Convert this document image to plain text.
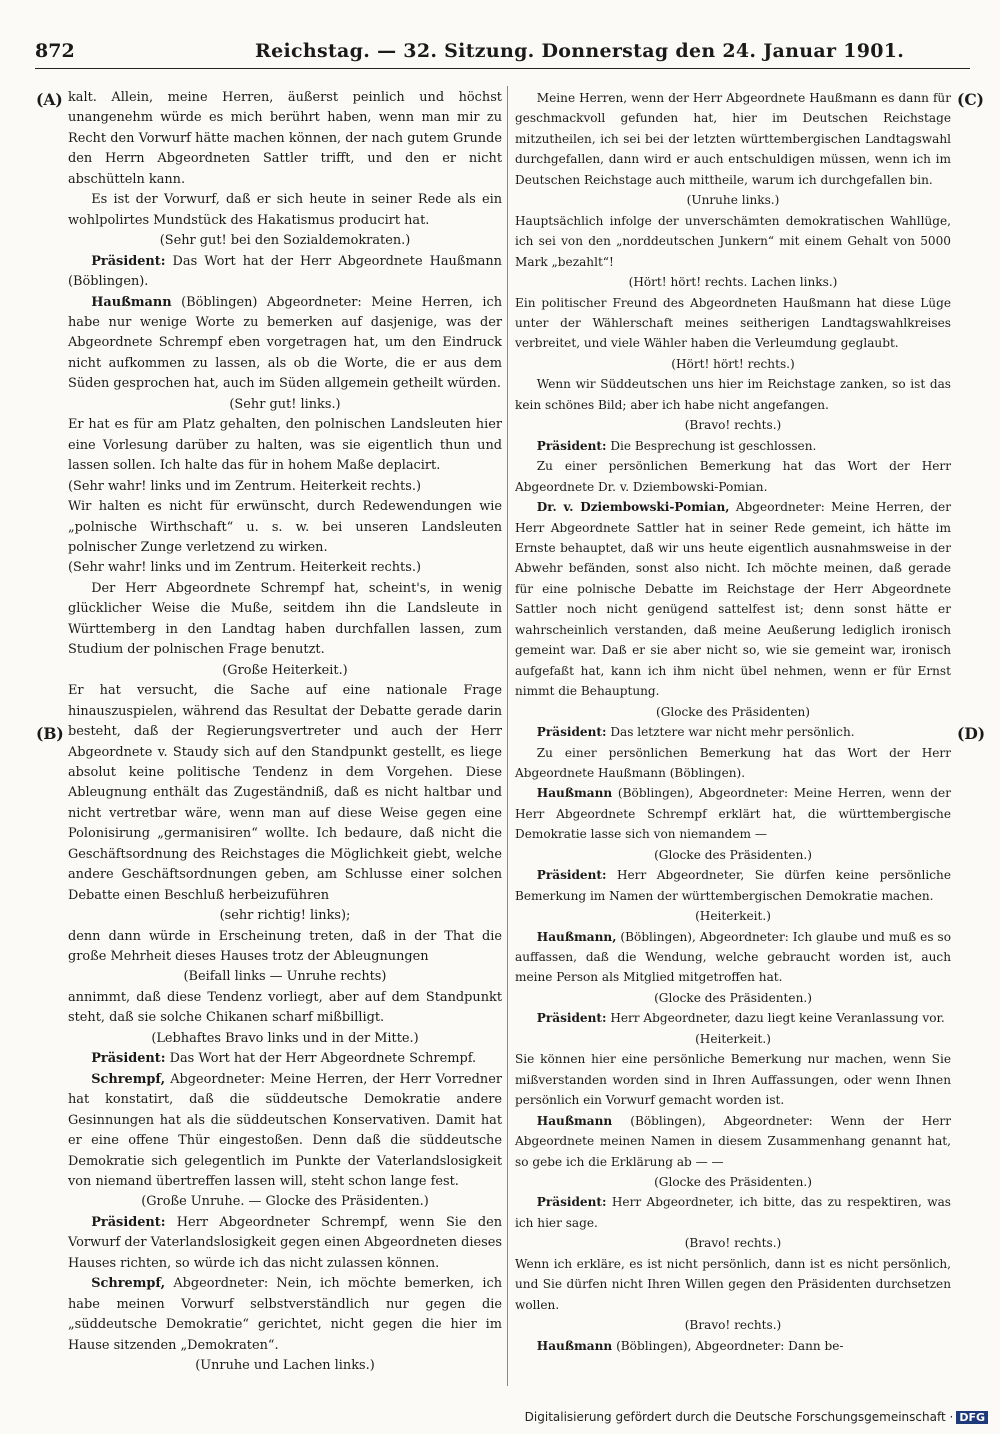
872	Reichstag. — 32. Sitzung. Donnerstag den 24. Januar 1901.
(A)
(B)
(C)
(D)

kalt. Allein, meine Herren, äußerst peinlich und höchst unangenehm würde es mich berührt haben, wenn man mir zu Recht den Vorwurf hätte machen können, der nach gutem Grunde den Herrn Abgeordneten Sattler trifft, und den er nicht abschütteln kann.

Es ist der Vorwurf, daß er sich heute in seiner Rede als ein wohlpolirtes Mundstück des Hakatismus producirt hat.

(Sehr gut! bei den Sozialdemokraten.)

Präsident: Das Wort hat der Herr Abgeordnete Haußmann (Böblingen).

Haußmann (Böblingen) Abgeordneter: Meine Herren, ich habe nur wenige Worte zu bemerken auf dasjenige, was der Abgeordnete Schrempf eben vorgetragen hat, um den Eindruck nicht aufkommen zu lassen, als ob die Worte, die er aus dem Süden gesprochen hat, auch im Süden allgemein getheilt würden.

(Sehr gut! links.)

Er hat es für am Platz gehalten, den polnischen Landsleuten hier eine Vorlesung darüber zu halten, was sie eigentlich thun und lassen sollen. Ich halte das für in hohem Maße deplacirt.

(Sehr wahr! links und im Zentrum. Heiterkeit rechts.)

Wir halten es nicht für erwünscht, durch Redewendungen wie „polnische Wirthschaft“ u. s. w. bei unseren Landsleuten polnischer Zunge verletzend zu wirken.

(Sehr wahr! links und im Zentrum. Heiterkeit rechts.)

Der Herr Abgeordnete Schrempf hat, scheint's, in wenig glücklicher Weise die Muße, seitdem ihn die Landsleute in Württemberg in den Landtag haben durchfallen lassen, zum Studium der polnischen Frage benutzt.

(Große Heiterkeit.)

Er hat versucht, die Sache auf eine nationale Frage hinauszuspielen, während das Resultat der Debatte gerade darin besteht, daß der Regierungsvertreter und auch der Herr Abgeordnete v. Staudy sich auf den Standpunkt gestellt, es liege absolut keine politische Tendenz in dem Vorgehen. Diese Ableugnung enthält das Zugeständniß, daß es nicht haltbar und nicht vertretbar wäre, wenn man auf diese Weise gegen eine Polonisirung „germanisiren“ wollte. Ich bedaure, daß nicht die Geschäftsordnung des Reichstages die Möglichkeit giebt, welche andere Geschäftsordnungen geben, am Schlusse einer solchen Debatte einen Beschluß herbeizuführen

(sehr richtig! links);

denn dann würde in Erscheinung treten, daß in der That die große Mehrheit dieses Hauses trotz der Ableugnungen

(Beifall links — Unruhe rechts)

annimmt, daß diese Tendenz vorliegt, aber auf dem Standpunkt steht, daß sie solche Chikanen scharf mißbilligt.

(Lebhaftes Bravo links und in der Mitte.)

Präsident: Das Wort hat der Herr Abgeordnete Schrempf.

Schrempf, Abgeordneter: Meine Herren, der Herr Vorredner hat konstatirt, daß die süddeutsche Demokratie andere Gesinnungen hat als die süddeutschen Konservativen. Damit hat er eine offene Thür eingestoßen. Denn daß die süddeutsche Demokratie sich gelegentlich im Punkte der Vaterlandslosigkeit von niemand übertreffen lassen will, steht schon lange fest.

(Große Unruhe. — Glocke des Präsidenten.)

Präsident: Herr Abgeordneter Schrempf, wenn Sie den Vorwurf der Vaterlandslosigkeit gegen einen Abgeordneten dieses Hauses richten, so würde ich das nicht zulassen können.

Schrempf, Abgeordneter: Nein, ich möchte bemerken, ich habe meinen Vorwurf selbstverständlich nur gegen die „süddeutsche Demokratie“ gerichtet, nicht gegen die hier im Hause sitzenden „Demokraten“.

(Unruhe und Lachen links.)

Meine Herren, wenn der Herr Abgeordnete Haußmann es dann für geschmackvoll gefunden hat, hier im Deutschen Reichstage mitzutheilen, ich sei bei der letzten württembergischen Landtagswahl durchgefallen, dann wird er auch entschuldigen müssen, wenn ich im Deutschen Reichstage auch mittheile, warum ich durchgefallen bin.

(Unruhe links.)

Hauptsächlich infolge der unverschämten demokratischen Wahllüge, ich sei von den „norddeutschen Junkern“ mit einem Gehalt von 5000 Mark „bezahlt“!

(Hört! hört! rechts. Lachen links.)

Ein politischer Freund des Abgeordneten Haußmann hat diese Lüge unter der Wählerschaft meines seitherigen Landtagswahlkreises verbreitet, und viele Wähler haben die Verleumdung geglaubt.

(Hört! hört! rechts.)

Wenn wir Süddeutschen uns hier im Reichstage zanken, so ist das kein schönes Bild; aber ich habe nicht angefangen.

(Bravo! rechts.)

Präsident: Die Besprechung ist geschlossen.

Zu einer persönlichen Bemerkung hat das Wort der Herr Abgeordnete Dr. v. Dziembowski-Pomian.

Dr. v. Dziembowski-Pomian, Abgeordneter: Meine Herren, der Herr Abgeordnete Sattler hat in seiner Rede gemeint, ich hätte im Ernste behauptet, daß wir uns heute eigentlich ausnahmsweise in der Abwehr befänden, sonst also nicht. Ich möchte meinen, daß gerade für eine polnische Debatte im Reichstage der Herr Abgeordnete Sattler noch nicht genügend sattelfest ist; denn sonst hätte er wahrscheinlich verstanden, daß meine Aeußerung lediglich ironisch gemeint war. Daß er sie aber nicht so, wie sie gemeint war, ironisch aufgefaßt hat, kann ich ihm nicht übel nehmen, wenn er für Ernst nimmt die Behauptung.

(Glocke des Präsidenten)

Präsident: Das letztere war nicht mehr persönlich.

Zu einer persönlichen Bemerkung hat das Wort der Herr Abgeordnete Haußmann (Böblingen).

Haußmann (Böblingen), Abgeordneter: Meine Herren, wenn der Herr Abgeordnete Schrempf erklärt hat, die württembergische Demokratie lasse sich von niemandem —

(Glocke des Präsidenten.)

Präsident: Herr Abgeordneter, Sie dürfen keine persönliche Bemerkung im Namen der württembergischen Demokratie machen.

(Heiterkeit.)

Haußmann, (Böblingen), Abgeordneter: Ich glaube und muß es so auffassen, daß die Wendung, welche gebraucht worden ist, auch meine Person als Mitglied mitgetroffen hat.

(Glocke des Präsidenten.)

Präsident: Herr Abgeordneter, dazu liegt keine Veranlassung vor.

(Heiterkeit.)

Sie können hier eine persönliche Bemerkung nur machen, wenn Sie mißverstanden worden sind in Ihren Auffassungen, oder wenn Ihnen persönlich ein Vorwurf gemacht worden ist.

Haußmann (Böblingen), Abgeordneter: Wenn der Herr Abgeordnete meinen Namen in diesem Zusammenhang genannt hat, so gebe ich die Erklärung ab — —

(Glocke des Präsidenten.)

Präsident: Herr Abgeordneter, ich bitte, das zu respektiren, was ich hier sage.

(Bravo! rechts.)

Wenn ich erkläre, es ist nicht persönlich, dann ist es nicht persönlich, und Sie dürfen nicht Ihren Willen gegen den Präsidenten durchsetzen wollen.

(Bravo! rechts.)

Haußmann (Böblingen), Abgeordneter: Dann be-

Digitalisierung gefördert durch die Deutsche Forschungsgemeinschaft · DFG
